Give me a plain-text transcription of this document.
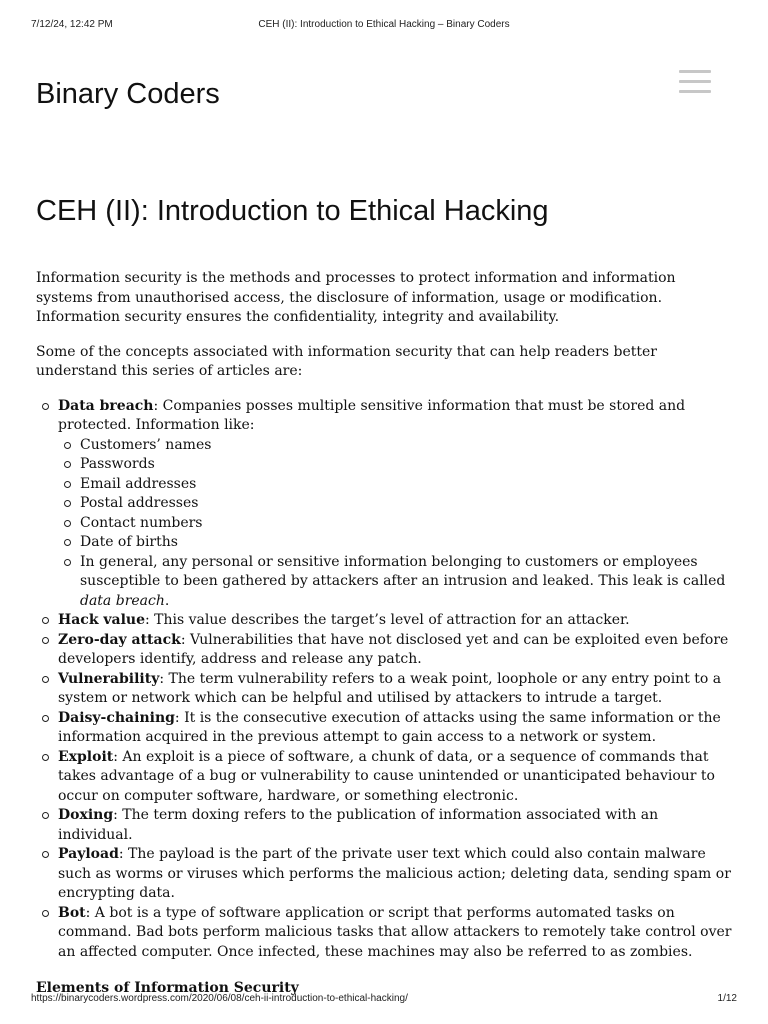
7/12/24, 12:42 PM	CEH (II): Introduction to Ethical Hacking – Binary Coders
Binary Coders
CEH (II): Introduction to Ethical Hacking

Information security is the methods and processes to protect information and information systems from unauthorised access, the disclosure of information, usage or modification. Information security ensures the confidentiality, integrity and availability.

Some of the concepts associated with information security that can help readers better understand this series of articles are:

Data breach: Companies posses multiple sensitive information that must be stored and protected. Information like:
Customers’ names
Passwords
Email addresses
Postal addresses
Contact numbers
Date of births
In general, any personal or sensitive information belonging to customers or employees susceptible to been gathered by attackers after an intrusion and leaked. This leak is called data breach.
Hack value: This value describes the target’s level of attraction for an attacker.
Zero-day attack: Vulnerabilities that have not disclosed yet and can be exploited even before developers identify, address and release any patch.
Vulnerability: The term vulnerability refers to a weak point, loophole or any entry point to a system or network which can be helpful and utilised by attackers to intrude a target.
Daisy-chaining: It is the consecutive execution of attacks using the same information or the information acquired in the previous attempt to gain access to a network or system.
Exploit: An exploit is a piece of software, a chunk of data, or a sequence of commands that takes advantage of a bug or vulnerability to cause unintended or unanticipated behaviour to occur on computer software, hardware, or something electronic.
Doxing: The term doxing refers to the publication of information associated with an individual.
Payload: The payload is the part of the private user text which could also contain malware such as worms or viruses which performs the malicious action; deleting data, sending spam or encrypting data.
Bot: A bot is a type of software application or script that performs automated tasks on command. Bad bots perform malicious tasks that allow attackers to remotely take control over an affected computer. Once infected, these machines may also be referred to as zombies.
Elements of Information Security
https://binarycoders.wordpress.com/2020/06/08/ceh-ii-introduction-to-ethical-hacking/	1/12
